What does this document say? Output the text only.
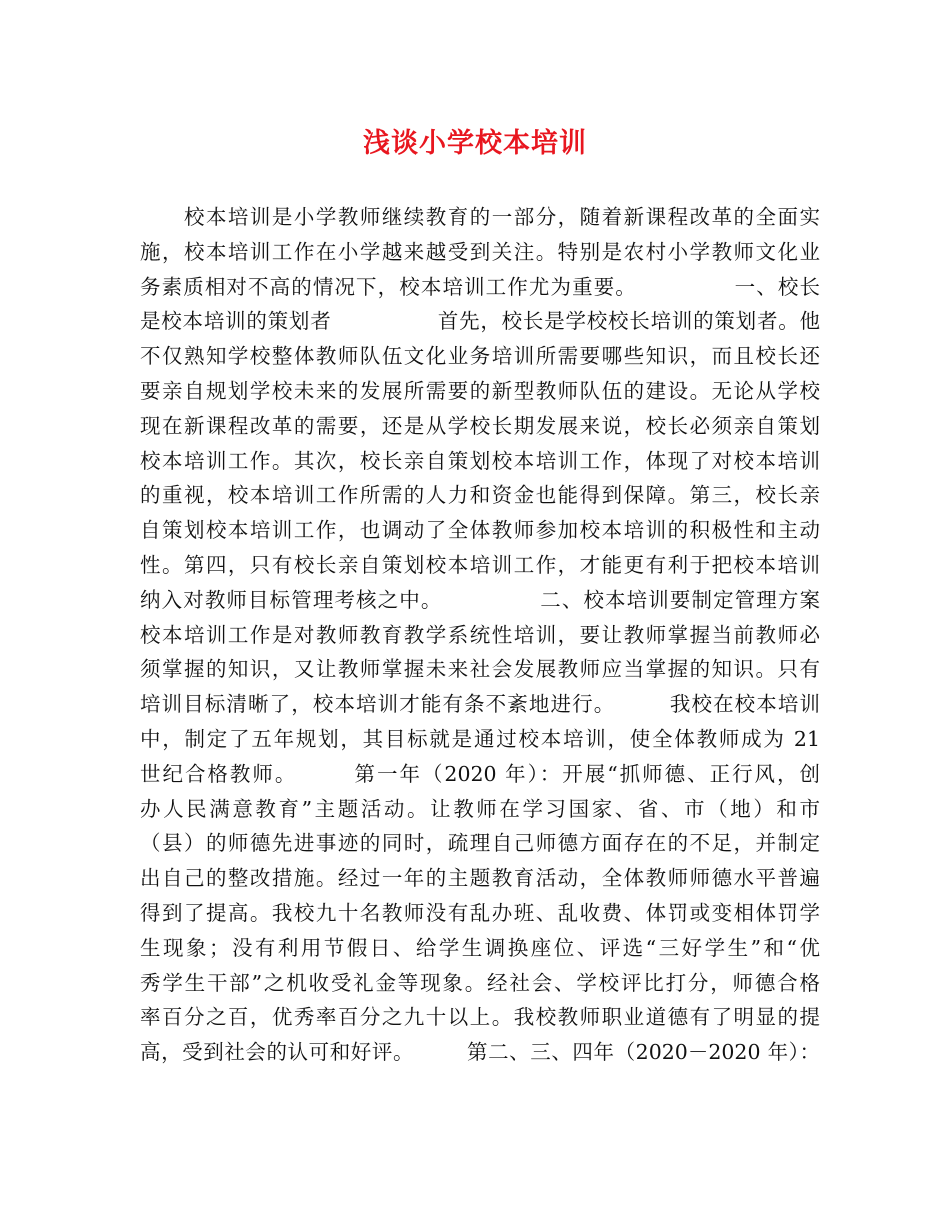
浅谈小学校本培训
　　校本培训是小学教师继续教育的一部分，随着新课程改革的全面实
施，校本培训工作在小学越来越受到关注。特别是农村小学教师文化业
务素质相对不高的情况下，校本培训工作尤为重要。　　　　　一、校长
是校本培训的策划者　　　　　首先，校长是学校校长培训的策划者。他
不仅熟知学校整体教师队伍文化业务培训所需要哪些知识，而且校长还
要亲自规划学校未来的发展所需要的新型教师队伍的建设。无论从学校
现在新课程改革的需要，还是从学校长期发展来说，校长必须亲自策划
校本培训工作。其次，校长亲自策划校本培训工作，体现了对校本培训
的重视，校本培训工作所需的人力和资金也能得到保障。第三，校长亲
自策划校本培训工作，也调动了全体教师参加校本培训的积极性和主动
性。第四，只有校长亲自策划校本培训工作，才能更有利于把校本培训
纳入对教师目标管理考核之中。　　　　　二、校本培训要制定管理方案
校本培训工作是对教师教育教学系统性培训，要让教师掌握当前教师必
须掌握的知识，又让教师掌握未来社会发展教师应当掌握的知识。只有
培训目标清晰了，校本培训才能有条不紊地进行。　　　我校在校本培训
中，制定了五年规划，其目标就是通过校本培训，使全体教师成为 21
世纪合格教师。　　　第一年（2020 年）：开展“抓师德、正行风，创
办人民满意教育”主题活动。让教师在学习国家、省、市（地）和市
（县）的师德先进事迹的同时，疏理自己师德方面存在的不足，并制定
出自己的整改措施。经过一年的主题教育活动，全体教师师德水平普遍
得到了提高。我校九十名教师没有乱办班、乱收费、体罚或变相体罚学
生现象；没有利用节假日、给学生调换座位、评选“三好学生”和“优
秀学生干部”之机收受礼金等现象。经社会、学校评比打分，师德合格
率百分之百，优秀率百分之九十以上。我校教师职业道德有了明显的提
高，受到社会的认可和好评。　　　第二、三、四年（2020－2020 年）：
